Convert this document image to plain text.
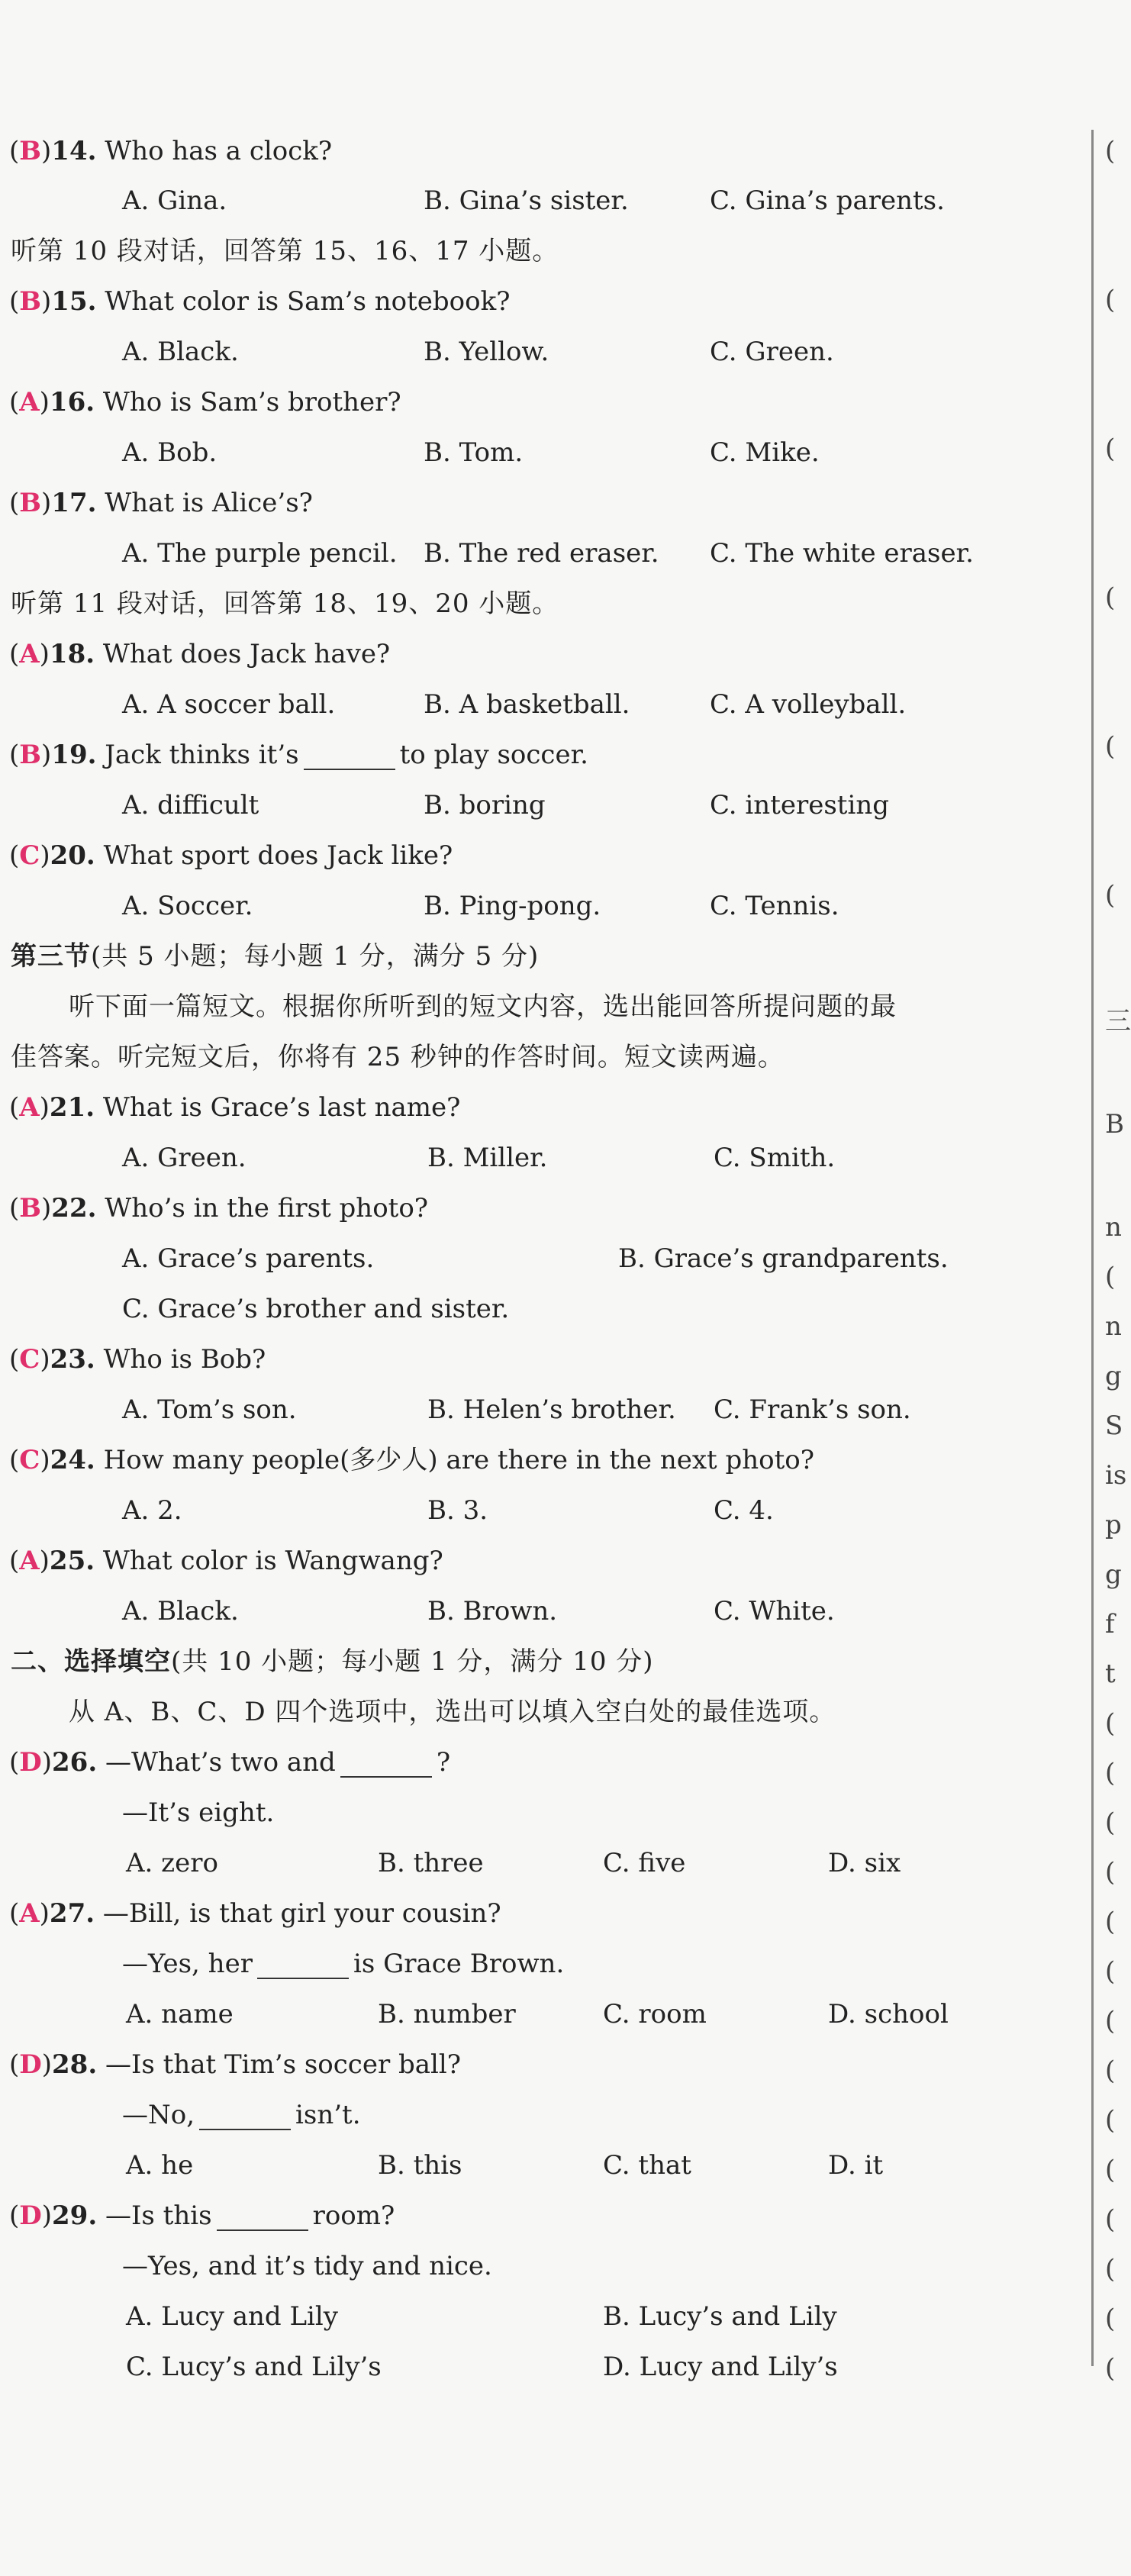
(B)14. Who has a clock?
A. Gina.	B. Gina’s sister.	C. Gina’s parents.
听第 10 段对话，回答第 15、16、17 小题。
(B)15. What color is Sam’s notebook?
A. Black.	B. Yellow.	C. Green.
(A)16. Who is Sam’s brother?
A. Bob.	B. Tom.	C. Mike.
(B)17. What is Alice’s?
A. The purple pencil. B. The red eraser. C. The white eraser.
听第 11 段对话，回答第 18、19、20 小题。
(A)18. What does Jack have?
A. A soccer ball.	B. A basketball.	C. A volleyball.
(B)19. Jack thinks it’s	to play soccer.
A. difficult	B. boring	C. interesting
(C)20. What sport does Jack like?
A. Soccer.	B. Ping-pong.	C. Tennis.
第三节(共 5 小题；每小题 1 分，满分 5 分)
听下面一篇短文。根据你所听到的短文内容，选出能回答所提问题的最
佳答案。听完短文后，你将有 25 秒钟的作答时间。短文读两遍。
(A)21. What is Grace’s last name?
A. Green.	B. Miller.	C. Smith.
(B)22. Who’s in the first photo?
A. Grace’s parents.	B. Grace’s grandparents.
C. Grace’s brother and sister.
(C)23. Who is Bob?
A. Tom’s son.	B. Helen’s brother. C. Frank’s son.
(C)24. How many people(多少人) are there in the next photo?
A. 2.	B. 3.	C. 4.
(A)25. What color is Wangwang?
A. Black.	B. Brown.	C. White.
二、选择填空(共 10 小题；每小题 1 分，满分 10 分)
从 A、B、C、D 四个选项中，选出可以填入空白处的最佳选项。
(D)26. —What’s two and	?
—It’s eight.
A. zero	B. three	C. five	D. six
(A)27. —Bill, is that girl your cousin?
—Yes, her	is Grace Brown.
A. name	B. number	C. room	D. school
(D)28. —Is that Tim’s soccer ball?
—No,	isn’t.
A. he	B. this	C. that	D. it
(D)29. —Is this	room?
—Yes, and it’s tidy and nice.
A. Lucy and Lily	B. Lucy’s and Lily
C. Lucy’s and Lily’s	D. Lucy and Lily’s
(
(
(
(
(
(
三
B
n
(
n
g
S
is
p
g
f
t
(
(
(
(
(
(
(
(
(
(
(
(
(
(
